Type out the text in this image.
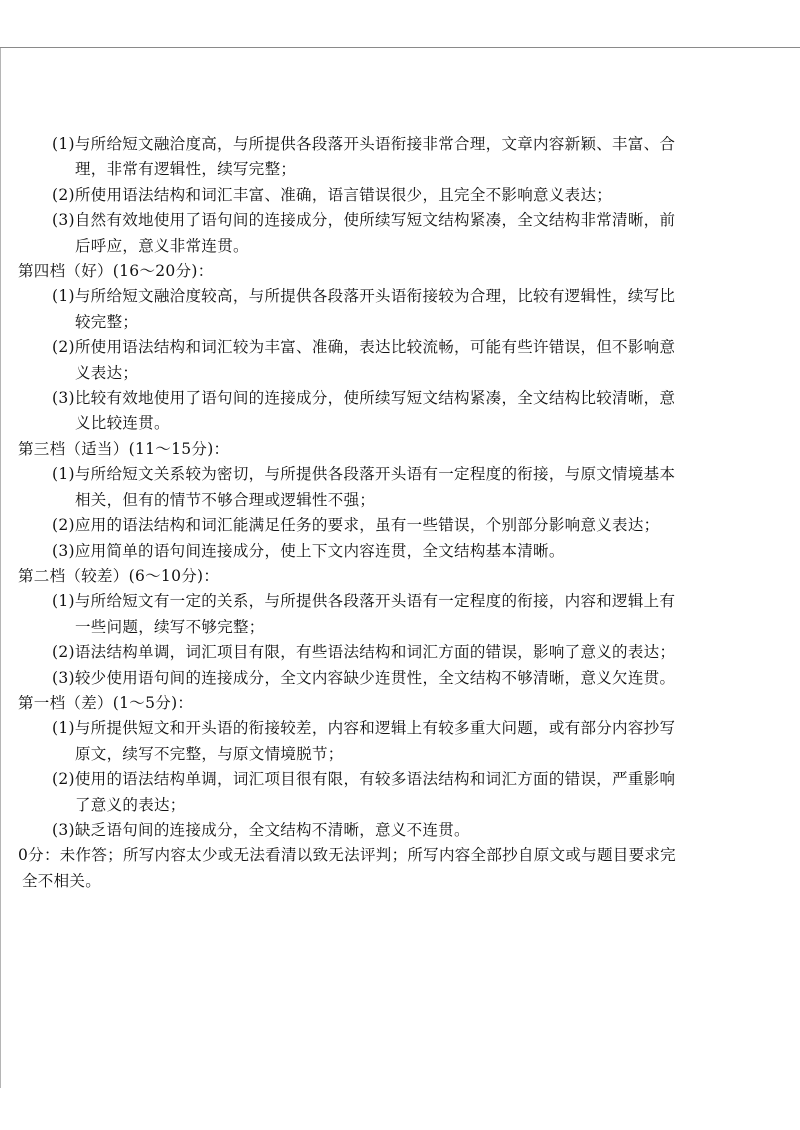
(1)与所给短文融洽度高，与所提供各段落开头语衔接非常合理，文章内容新颖、丰富、合
理，非常有逻辑性，续写完整；
(2)所使用语法结构和词汇丰富、准确，语言错误很少，且完全不影响意义表达；
(3)自然有效地使用了语句间的连接成分，使所续写短文结构紧凑，全文结构非常清晰，前
后呼应，意义非常连贯。
第四档（好）(16～20分)：
(1)与所给短文融洽度较高，与所提供各段落开头语衔接较为合理，比较有逻辑性，续写比
较完整；
(2)所使用语法结构和词汇较为丰富、准确，表达比较流畅，可能有些许错误，但不影响意
义表达；
(3)比较有效地使用了语句间的连接成分，使所续写短文结构紧凑，全文结构比较清晰，意
义比较连贯。
第三档（适当）(11～15分)：
(1)与所给短文关系较为密切，与所提供各段落开头语有一定程度的衔接，与原文情境基本
相关，但有的情节不够合理或逻辑性不强；
(2)应用的语法结构和词汇能满足任务的要求，虽有一些错误，个别部分影响意义表达；
(3)应用简单的语句间连接成分，使上下文内容连贯，全文结构基本清晰。
第二档（较差）(6～10分)：
(1)与所给短文有一定的关系，与所提供各段落开头语有一定程度的衔接，内容和逻辑上有
一些问题，续写不够完整；
(2)语法结构单调，词汇项目有限，有些语法结构和词汇方面的错误，影响了意义的表达；
(3)较少使用语句间的连接成分，全文内容缺少连贯性，全文结构不够清晰，意义欠连贯。
第一档（差）(1～5分)：
(1)与所提供短文和开头语的衔接较差，内容和逻辑上有较多重大问题，或有部分内容抄写
原文，续写不完整，与原文情境脱节；
(2)使用的语法结构单调，词汇项目很有限，有较多语法结构和词汇方面的错误，严重影响
了意义的表达；
(3)缺乏语句间的连接成分，全文结构不清晰，意义不连贯。
0分：未作答；所写内容太少或无法看清以致无法评判；所写内容全部抄自原文或与题目要求完
全不相关。
